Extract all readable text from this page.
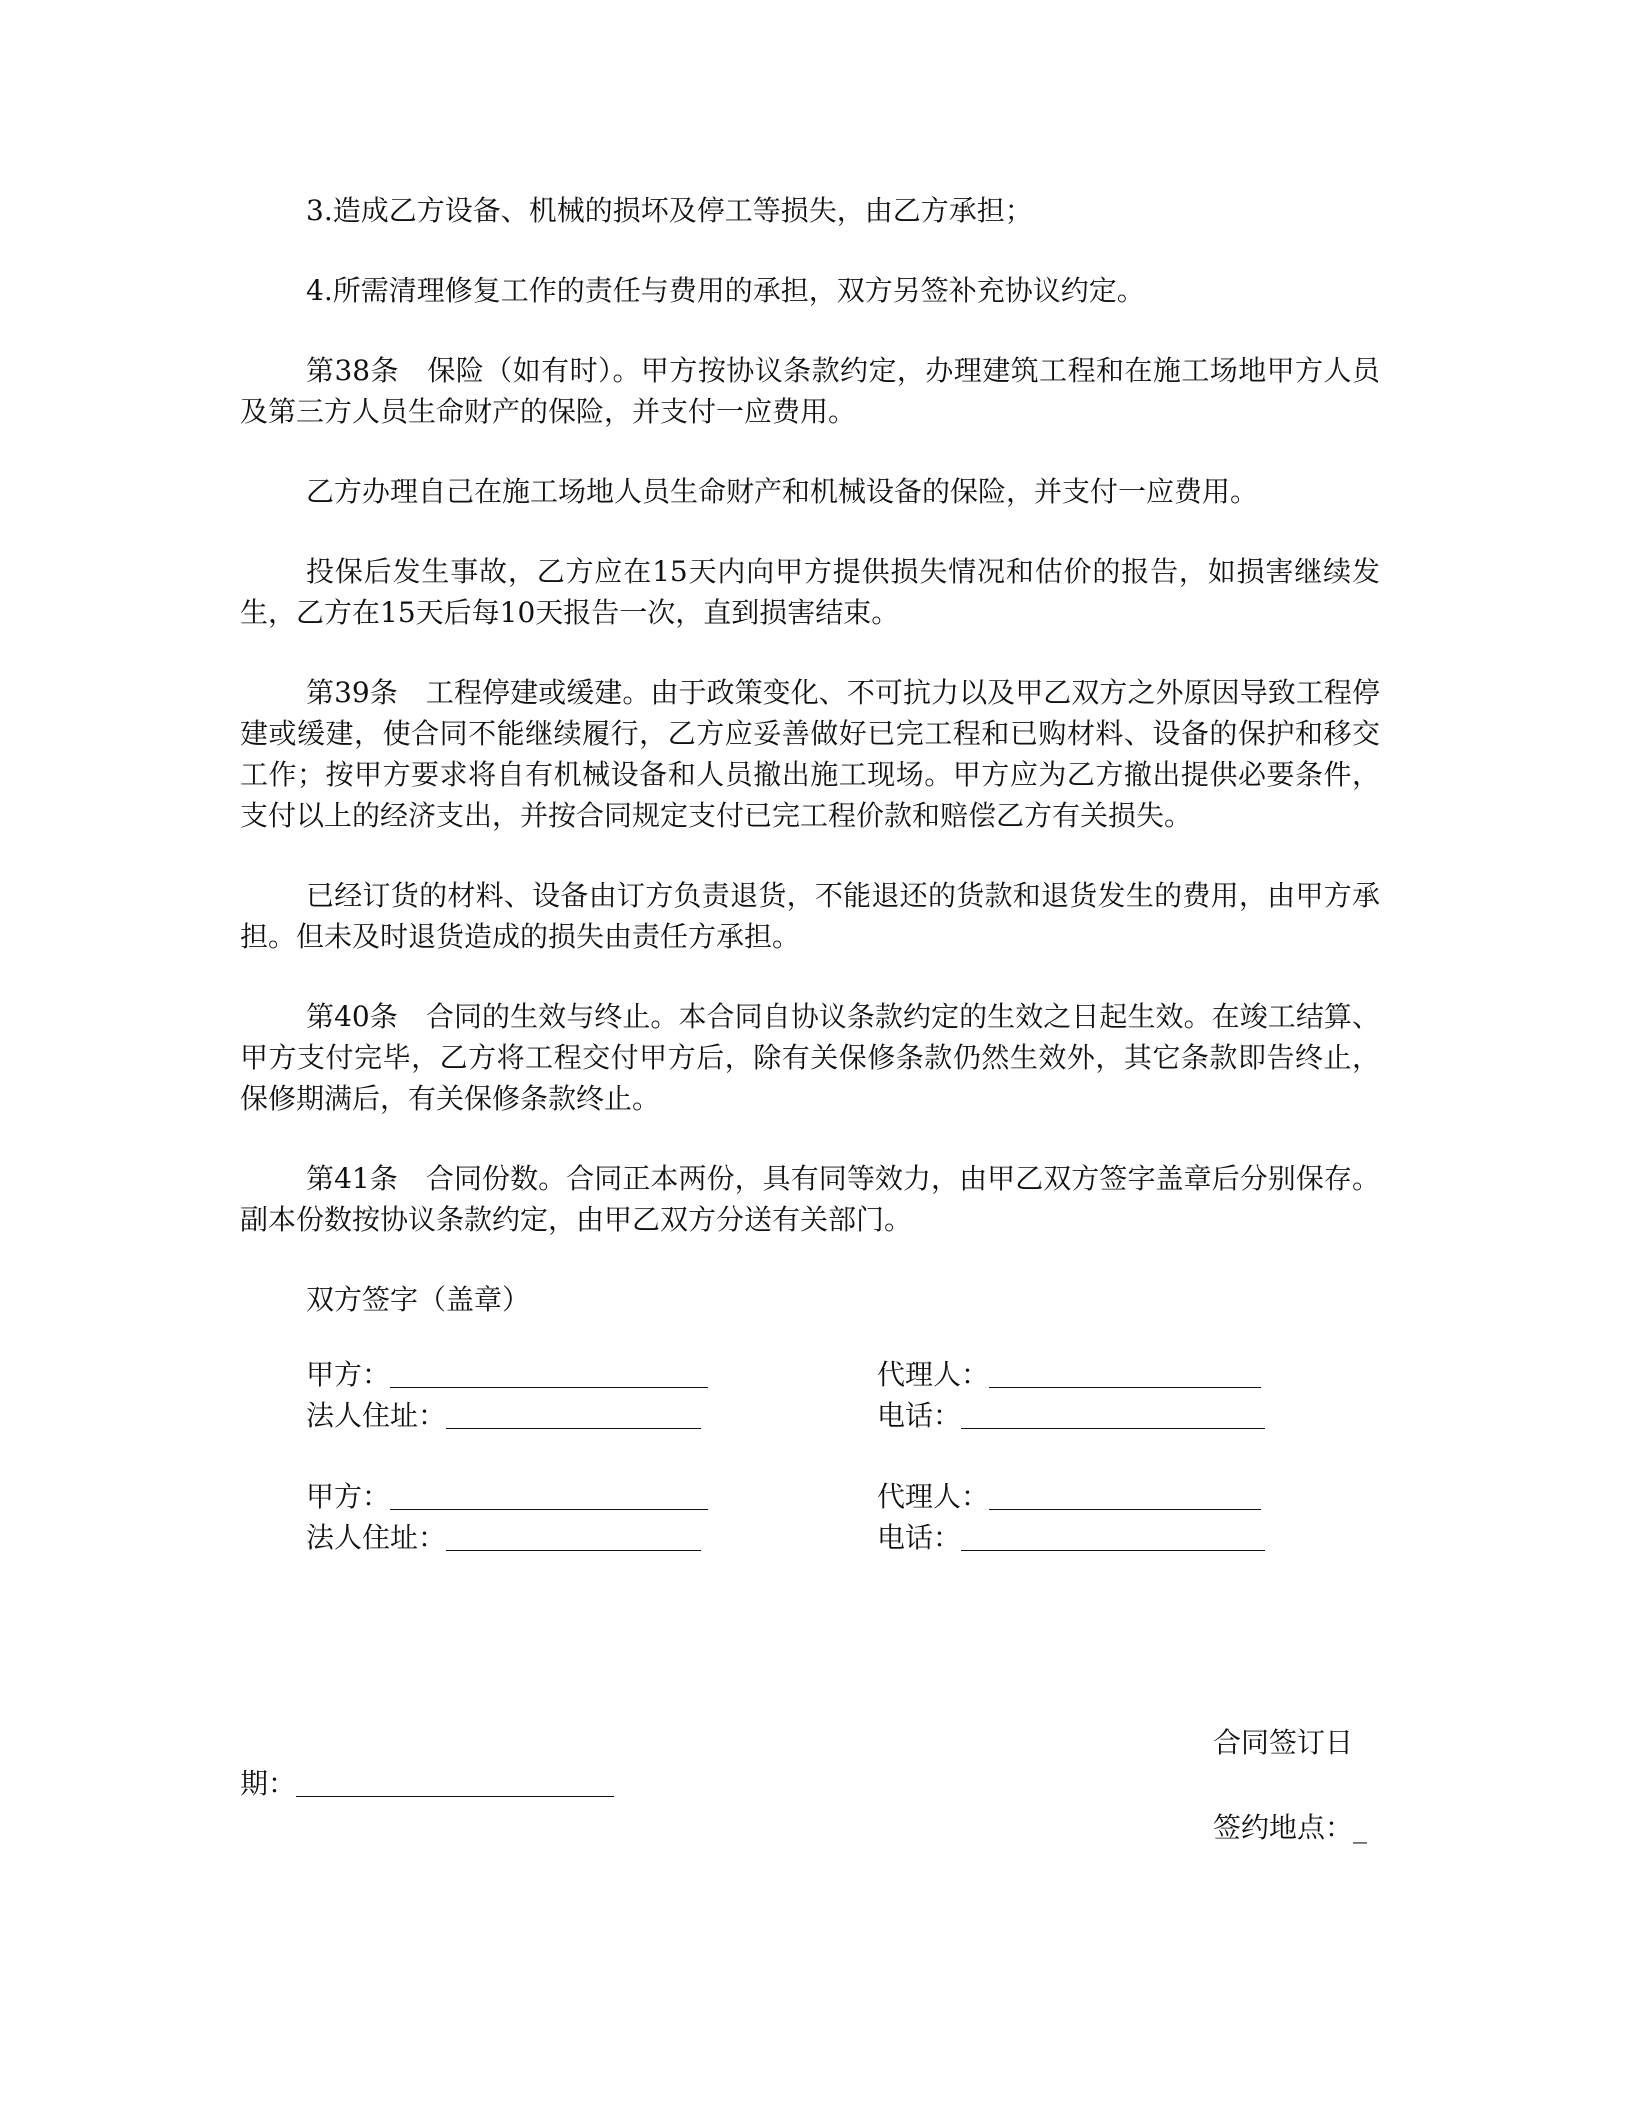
3.造成乙方设备、机械的损坏及停工等损失，由乙方承担；

4.所需清理修复工作的责任与费用的承担，双方另签补充协议约定。

第38条　保险（如有时）。甲方按协议条款约定，办理建筑工程和在施工场地甲方人员及第三方人员生命财产的保险，并支付一应费用。

乙方办理自己在施工场地人员生命财产和机械设备的保险，并支付一应费用。

投保后发生事故，乙方应在15天内向甲方提供损失情况和估价的报告，如损害继续发生，乙方在15天后每10天报告一次，直到损害结束。

第39条　工程停建或缓建。由于政策变化、不可抗力以及甲乙双方之外原因导致工程停建或缓建，使合同不能继续履行，乙方应妥善做好已完工程和已购材料、设备的保护和移交工作；按甲方要求将自有机械设备和人员撤出施工现场。甲方应为乙方撤出提供必要条件，支付以上的经济支出，并按合同规定支付已完工程价款和赔偿乙方有关损失。

已经订货的材料、设备由订方负责退货，不能退还的货款和退货发生的费用，由甲方承担。但未及时退货造成的损失由责任方承担。

第40条　合同的生效与终止。本合同自协议条款约定的生效之日起生效。在竣工结算、甲方支付完毕，乙方将工程交付甲方后，除有关保修条款仍然生效外，其它条款即告终止，保修期满后，有关保修条款终止。

第41条　合同份数。合同正本两份，具有同等效力，由甲乙双方签字盖章后分别保存。副本份数按协议条款约定，由甲乙双方分送有关部门。

双方签字（盖章）

甲方：
法人住址：
代理人：
电话：
甲方：
法人住址：
代理人：
电话：
合同签订日
期：
签约地点：_
